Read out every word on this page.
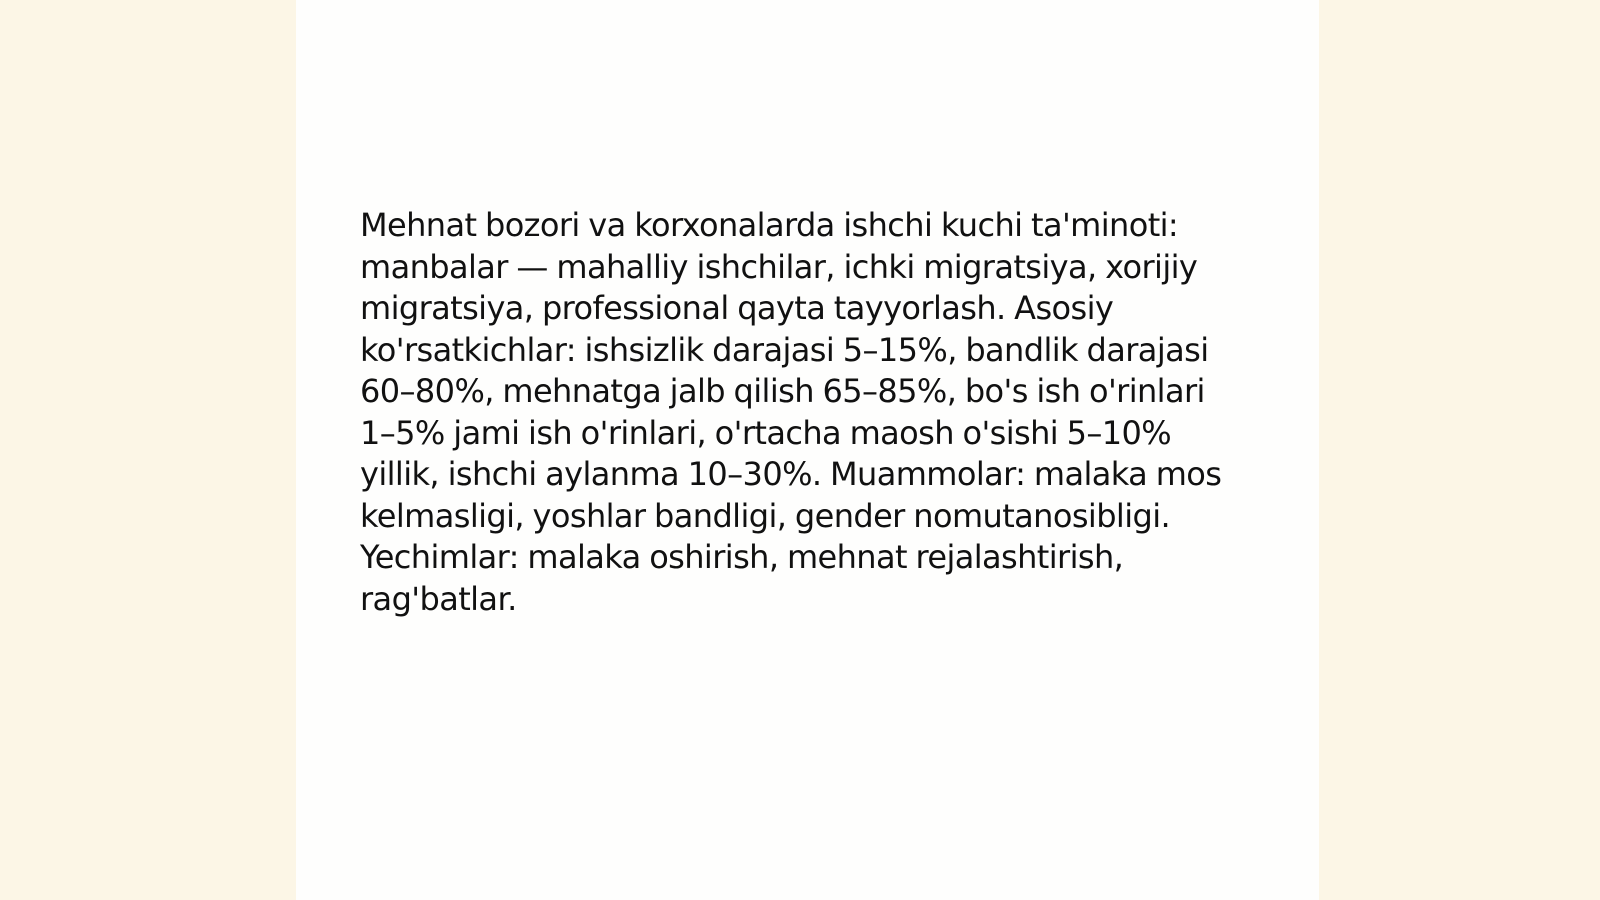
Mehnat bozori va korxonalarda ishchi kuchi ta'minoti: manbalar — mahalliy ishchilar, ichki migratsiya, xorijiy migratsiya, professional qayta tayyorlash. Asosiy ko'rsatkichlar: ishsizlik darajasi 5–15%, bandlik darajasi 60–80%, mehnatga jalb qilish 65–85%, bo's ish o'rinlari 1–5% jami ish o'rinlari, o'rtacha maosh o'sishi 5–10% yillik, ishchi aylanma 10–30%. Muammolar: malaka mos kelmasligi, yoshlar bandligi, gender nomutanosibligi. Yechimlar: malaka oshirish, mehnat rejalashtirish, rag'batlar.
